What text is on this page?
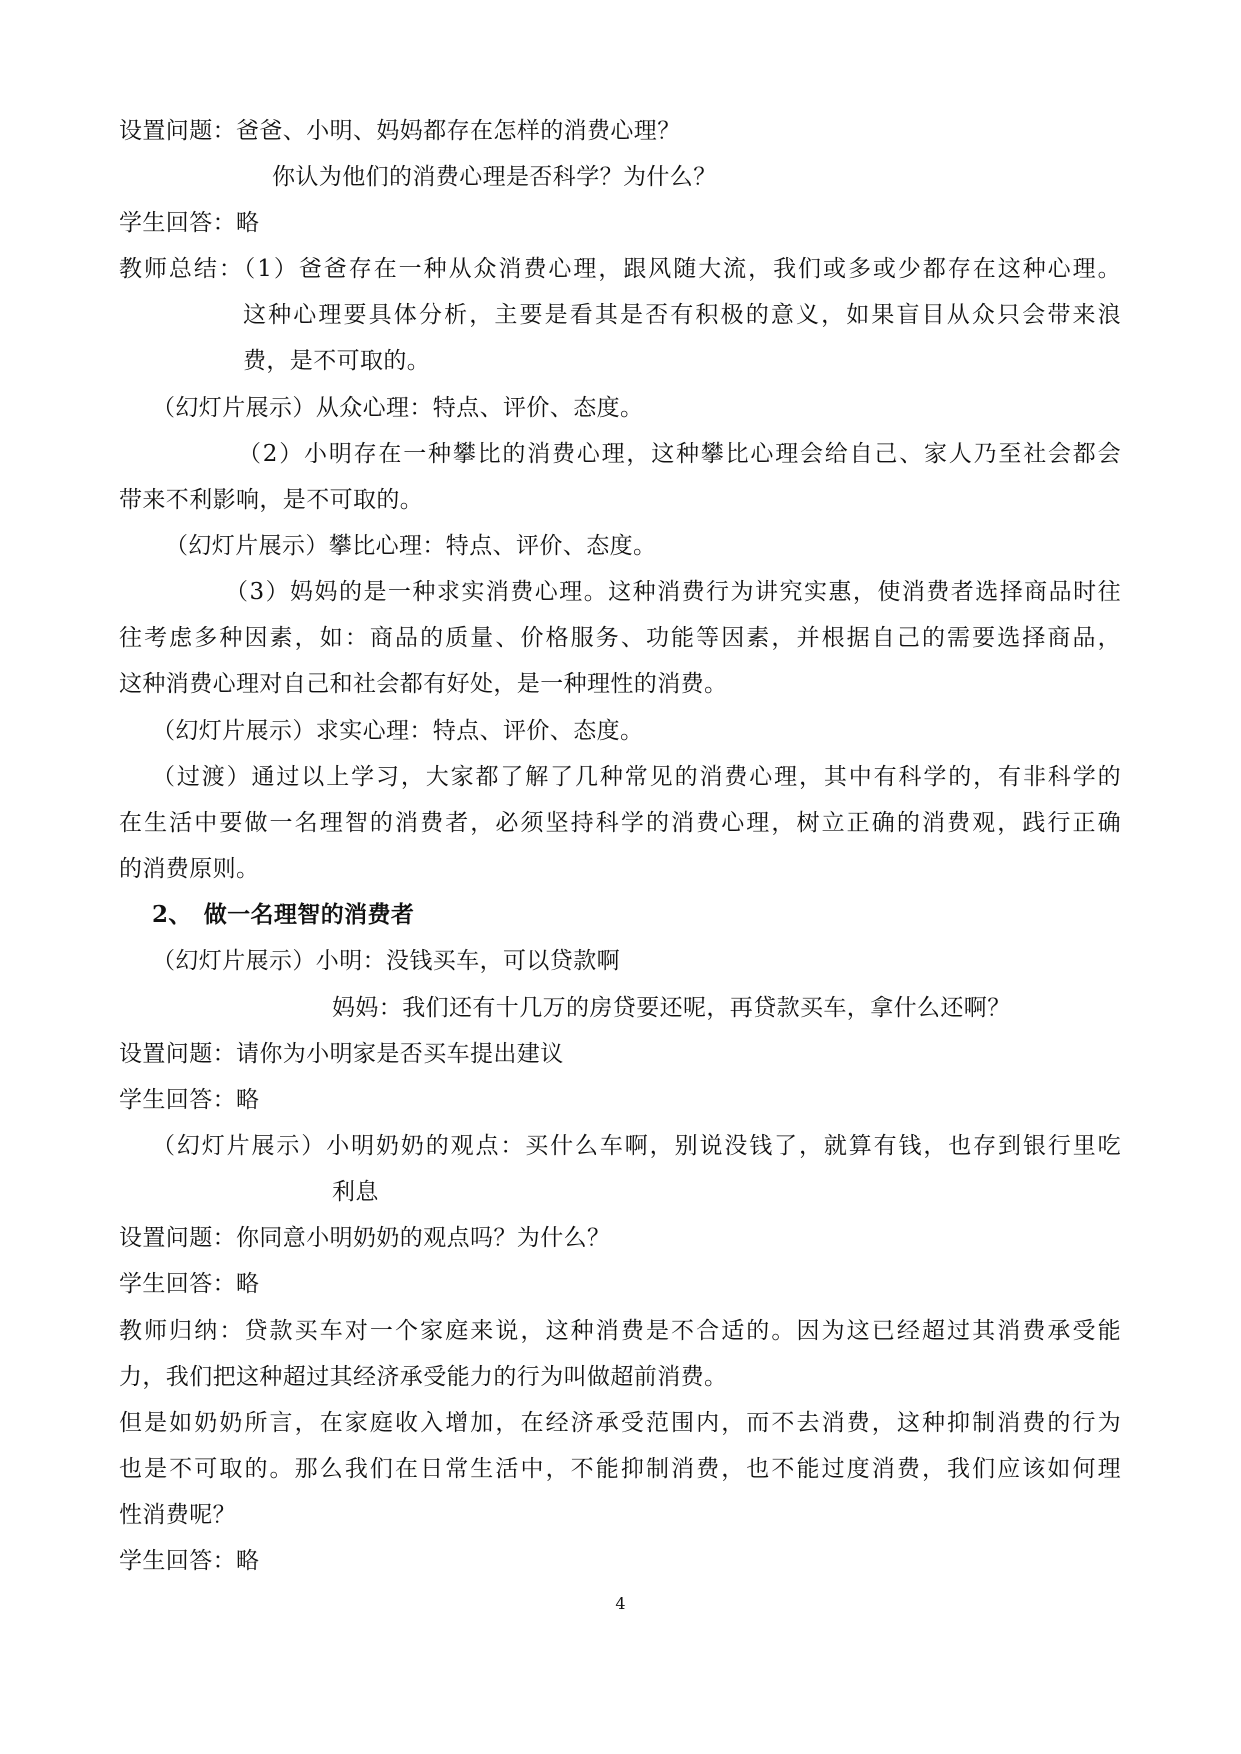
设置问题：爸爸、小明、妈妈都存在怎样的消费心理？
你认为他们的消费心理是否科学？为什么？
学生回答：略
教师总结：（1）爸爸存在一种从众消费心理，跟风随大流，我们或多或少都存在这种心理。
这种心理要具体分析，主要是看其是否有积极的意义，如果盲目从众只会带来浪
费，是不可取的。
（幻灯片展示）从众心理：特点、评价、态度。
（2）小明存在一种攀比的消费心理，这种攀比心理会给自己、家人乃至社会都会
带来不利影响，是不可取的。
（幻灯片展示）攀比心理：特点、评价、态度。
（3）妈妈的是一种求实消费心理。这种消费行为讲究实惠，使消费者选择商品时往
往考虑多种因素，如：商品的质量、价格服务、功能等因素，并根据自己的需要选择商品，
这种消费心理对自己和社会都有好处，是一种理性的消费。
（幻灯片展示）求实心理：特点、评价、态度。
（过渡）通过以上学习，大家都了解了几种常见的消费心理，其中有科学的，有非科学的
在生活中要做一名理智的消费者，必须坚持科学的消费心理，树立正确的消费观，践行正确
的消费原则。
2、　做一名理智的消费者
（幻灯片展示）小明：没钱买车，可以贷款啊
妈妈：我们还有十几万的房贷要还呢，再贷款买车，拿什么还啊？
设置问题：请你为小明家是否买车提出建议
学生回答：略
（幻灯片展示）小明奶奶的观点：买什么车啊，别说没钱了，就算有钱，也存到银行里吃
利息
设置问题：你同意小明奶奶的观点吗？为什么？
学生回答：略
教师归纳：贷款买车对一个家庭来说，这种消费是不合适的。因为这已经超过其消费承受能
力，我们把这种超过其经济承受能力的行为叫做超前消费。
但是如奶奶所言，在家庭收入增加，在经济承受范围内，而不去消费，这种抑制消费的行为
也是不可取的。那么我们在日常生活中，不能抑制消费，也不能过度消费，我们应该如何理
性消费呢？
学生回答：略
4
